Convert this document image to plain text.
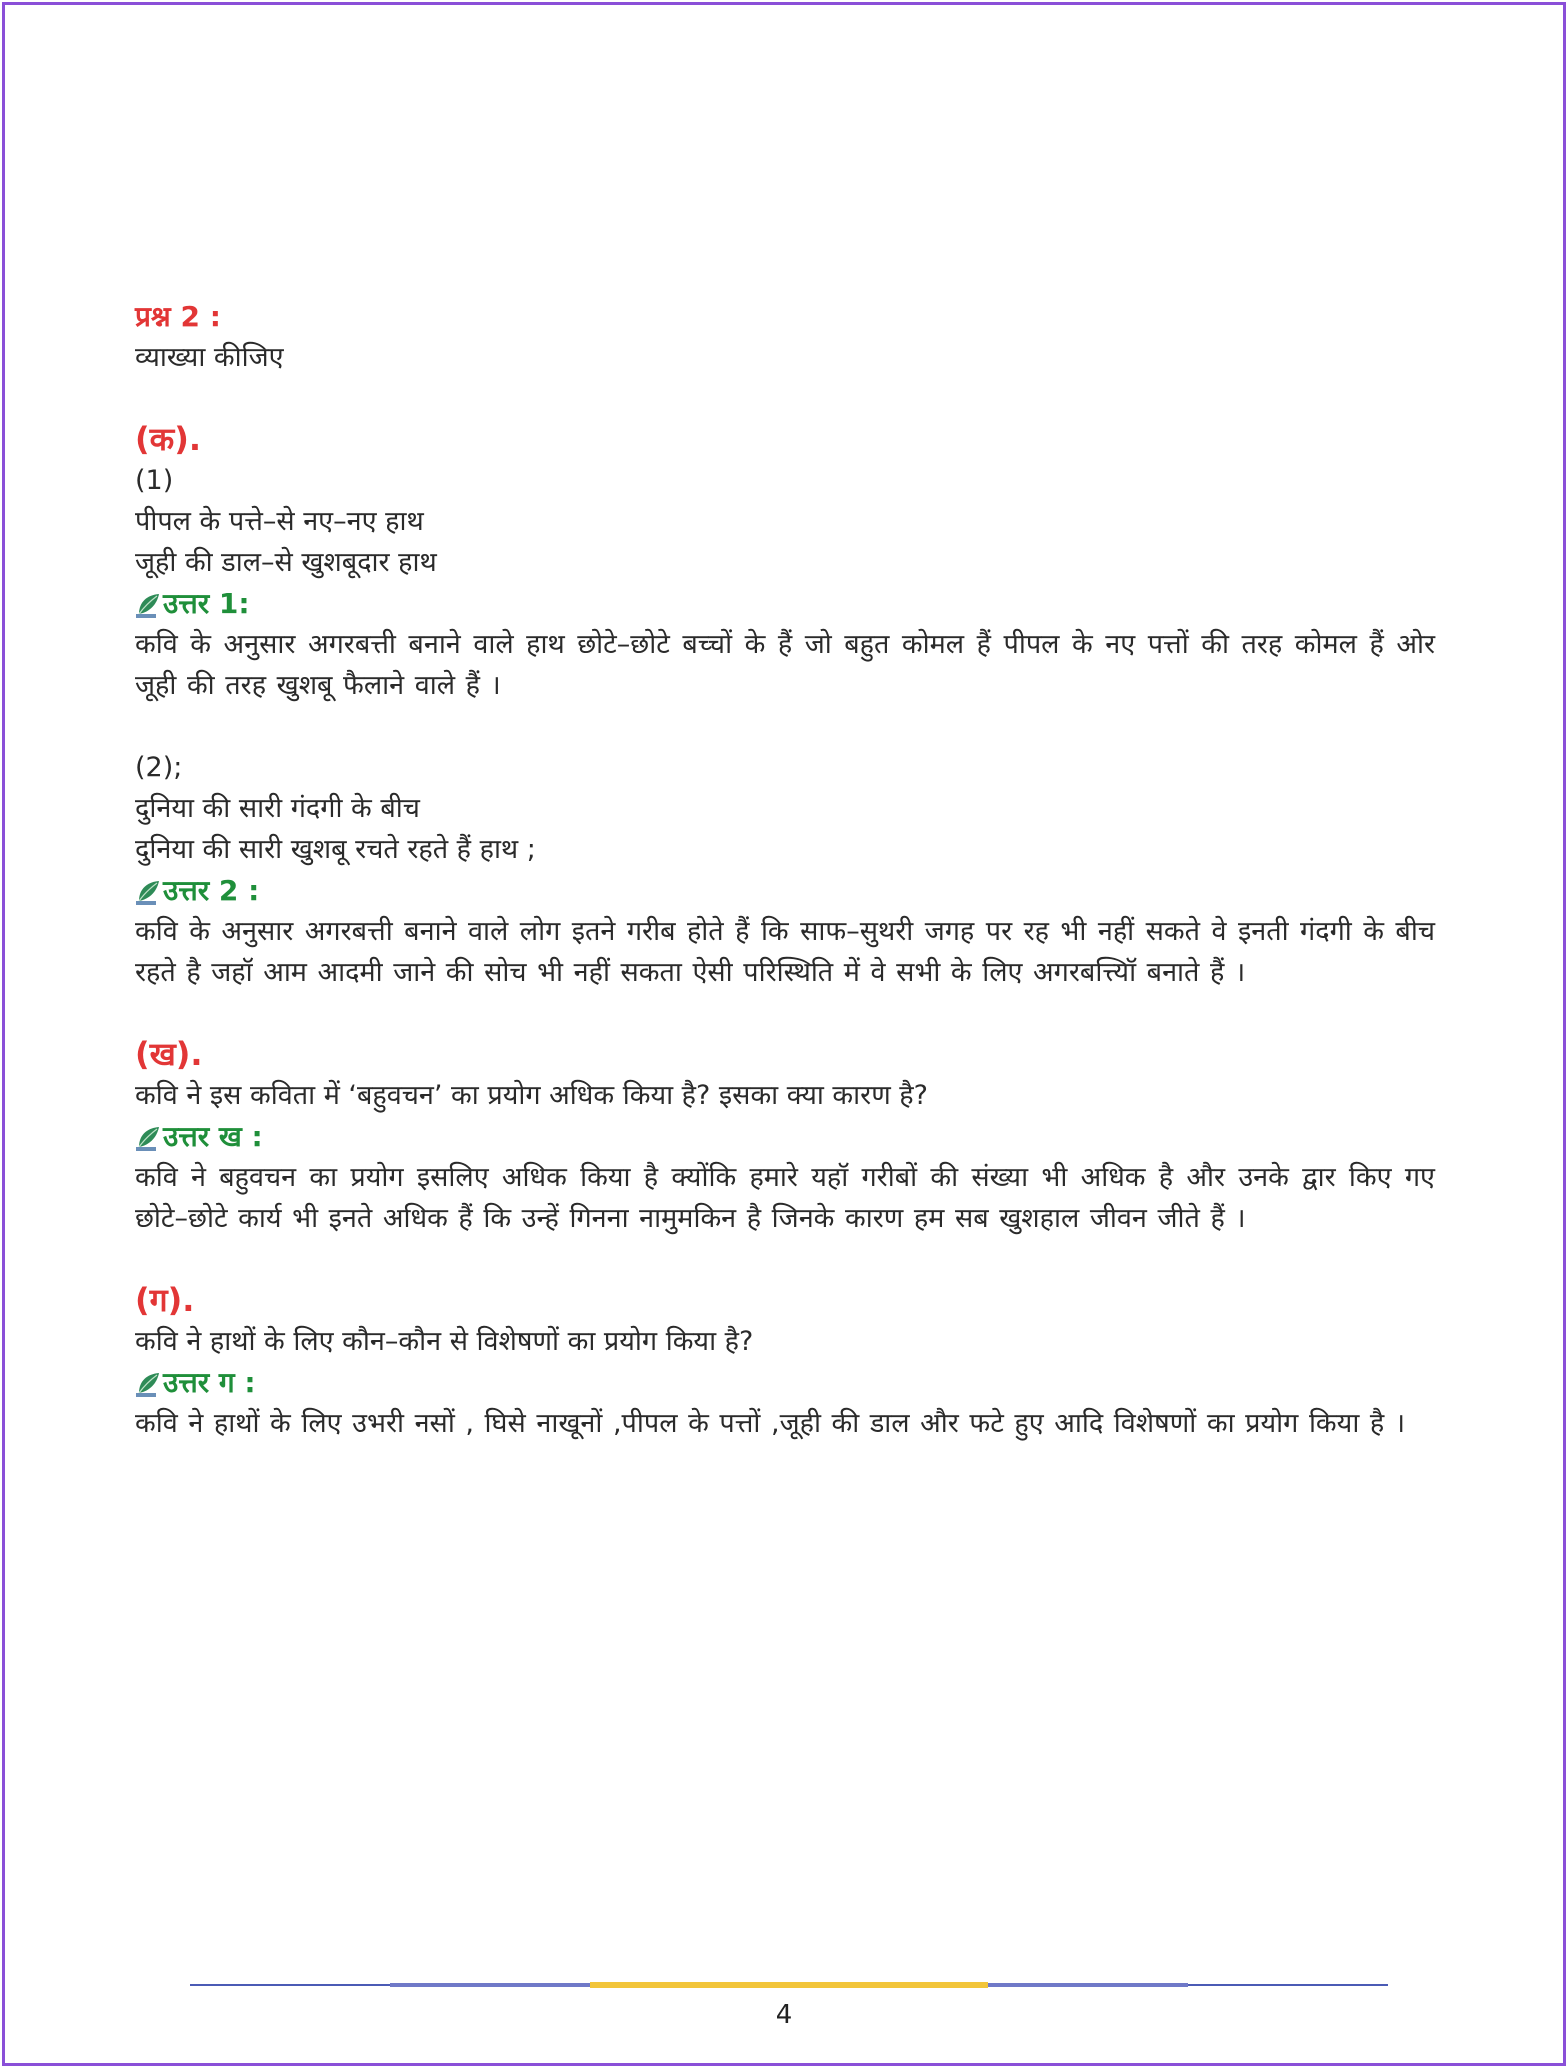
प्रश्न 2 :
व्याख्या कीजिए
(क).
(1)
पीपल के पत्ते–से नए–नए हाथ
जूही की डाल–से खुशबूदार हाथ
उत्तर 1:
कवि के अनुसार अगरबत्ती बनाने वाले हाथ छोटे–छोटे बच्चों के हैं जो बहुत कोमल हैं पीपल के नए पत्तों की तरह कोमल हैं ओर जूही की तरह खुशबू फैलाने वाले हैं ।
(2);
दुनिया की सारी गंदगी के बीच
दुनिया की सारी खुशबू रचते रहते हैं हाथ ;
उत्तर 2 :
कवि के अनुसार अगरबत्ती बनाने वाले लोग इतने गरीब होते हैं कि साफ–सुथरी जगह पर रह भी नहीं सकते वे इनती गंदगी के बीच रहते है जहॉ आम आदमी जाने की सोच भी नहीं सकता ऐसी परिस्थिति में वे सभी के लिए अगरबत्त्यिॉ बनाते हैं ।
(ख).
कवि ने इस कविता में ‘बहुवचन’ का प्रयोग अधिक किया है? इसका क्या कारण है?
उत्तर ख :
कवि ने बहुवचन का प्रयोग इसलिए अधिक किया है क्योंकि हमारे यहॉ गरीबों की संख्या भी अधिक है और उनके द्वार किए गए छोटे–छोटे कार्य भी इनते अधिक हैं कि उन्हें गिनना नामुमकिन है जिनके कारण हम सब खुशहाल जीवन जीते हैं ।
(ग).
कवि ने हाथों के लिए कौन–कौन से विशेषणों का प्रयोग किया है?
उत्तर ग :
कवि ने हाथों के लिए उभरी नसों , घिसे नाखूनों ,पीपल के पत्तों ,जूही की डाल और फटे हुए आदि विशेषणों का प्रयोग किया है ।
4
